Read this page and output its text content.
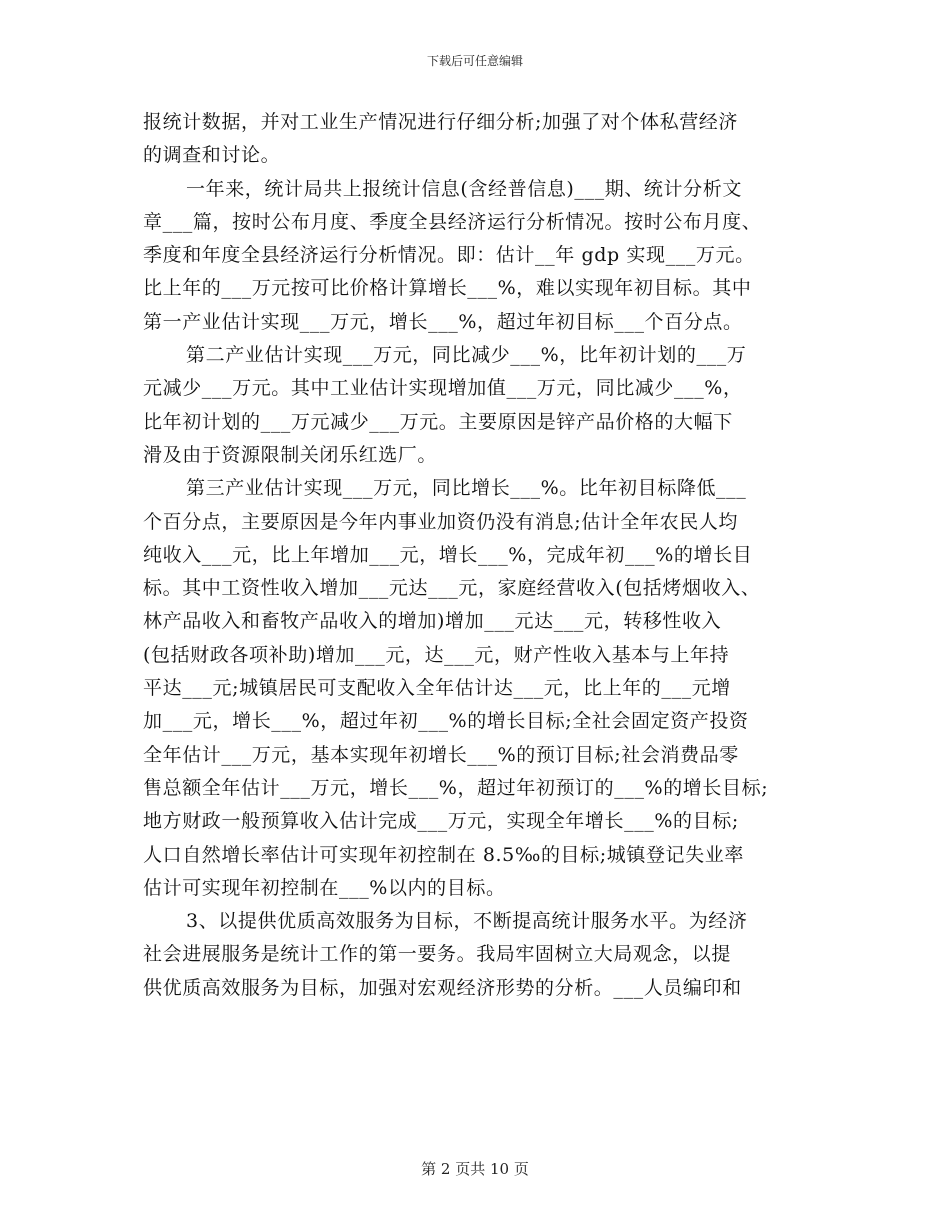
下载后可任意编辑
报统计数据，并对工业生产情况进行仔细分析;加强了对个体私营经济
的调查和讨论。
一年来，统计局共上报统计信息(含经普信息)___期、统计分析文
章___篇，按时公布月度、季度全县经济运行分析情况。按时公布月度、
季度和年度全县经济运行分析情况。即：估计__年 gdp 实现___万元。
比上年的___万元按可比价格计算增长___%，难以实现年初目标。其中
第一产业估计实现___万元，增长___%，超过年初目标___个百分点。
第二产业估计实现___万元，同比减少___%，比年初计划的___万
元减少___万元。其中工业估计实现增加值___万元，同比减少___%，
比年初计划的___万元减少___万元。主要原因是锌产品价格的大幅下
滑及由于资源限制关闭乐红选厂。
第三产业估计实现___万元，同比增长___%。比年初目标降低___
个百分点，主要原因是今年内事业加资仍没有消息;估计全年农民人均
纯收入___元，比上年增加___元，增长___%，完成年初___%的增长目
标。其中工资性收入增加___元达___元，家庭经营收入(包括烤烟收入、
林产品收入和畜牧产品收入的增加)增加___元达___元，转移性收入
(包括财政各项补助)增加___元，达___元，财产性收入基本与上年持
平达___元;城镇居民可支配收入全年估计达___元，比上年的___元增
加___元，增长___%，超过年初___%的增长目标;全社会固定资产投资
全年估计___万元，基本实现年初增长___%的预订目标;社会消费品零
售总额全年估计___万元，增长___%，超过年初预订的___%的增长目标;
地方财政一般预算收入估计完成___万元，实现全年增长___%的目标;
人口自然增长率估计可实现年初控制在 8.5‰的目标;城镇登记失业率
估计可实现年初控制在___%以内的目标。
3、以提供优质高效服务为目标，不断提高统计服务水平。为经济
社会进展服务是统计工作的第一要务。我局牢固树立大局观念，以提
供优质高效服务为目标，加强对宏观经济形势的分析。___人员编印和
第 2 页共 10 页
